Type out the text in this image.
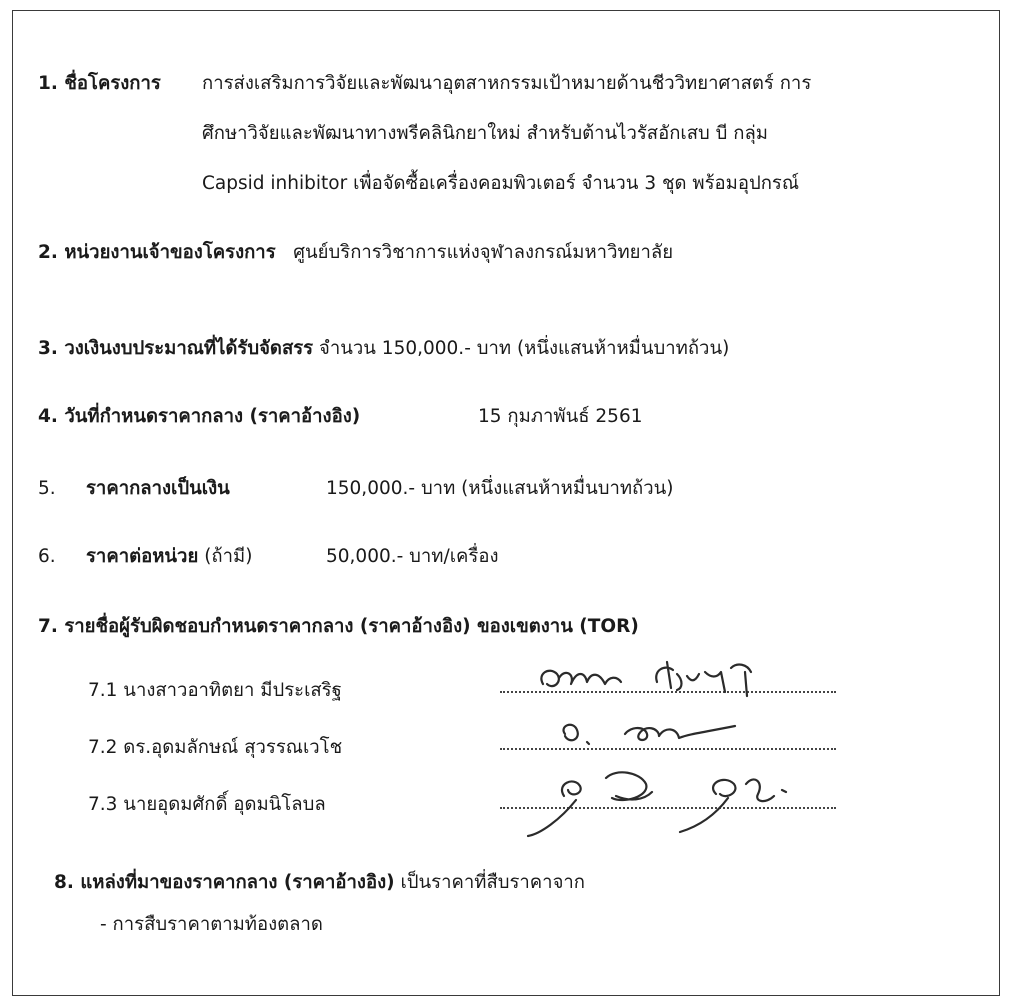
1. ชื่อโครงการ การส่งเสริมการวิจัยและพัฒนาอุตสาหกรรมเป้าหมายด้านชีววิทยาศาสตร์ การ
ศึกษาวิจัยและพัฒนาทางพรีคลินิกยาใหม่ สำหรับต้านไวรัสอักเสบ บี กลุ่ม
Capsid inhibitor เพื่อจัดซื้อเครื่องคอมพิวเตอร์ จำนวน 3 ชุด พร้อมอุปกรณ์
2. หน่วยงานเจ้าของโครงการ ศูนย์บริการวิชาการแห่งจุฬาลงกรณ์มหาวิทยาลัย
3. วงเงินงบประมาณที่ได้รับจัดสรร จำนวน 150,000.- บาท (หนึ่งแสนห้าหมื่นบาทถ้วน)
4. วันที่กำหนดราคากลาง (ราคาอ้างอิง)	15 กุมภาพันธ์ 2561
5. ราคากลางเป็นเงิน	150,000.- บาท (หนึ่งแสนห้าหมื่นบาทถ้วน)
6. ราคาต่อหน่วย (ถ้ามี)	50,000.- บาท/เครื่อง
7. รายชื่อผู้รับผิดชอบกำหนดราคากลาง (ราคาอ้างอิง) ของเขตงาน (TOR)
7.1 นางสาวอาทิตยา มีประเสริฐ
7.2 ดร.อุดมลักษณ์ สุวรรณเวโช
7.3 นายอุดมศักดิ์ อุดมนิโลบล
8. แหล่งที่มาของราคากลาง (ราคาอ้างอิง) เป็นราคาที่สืบราคาจาก
- การสืบราคาตามท้องตลาด
